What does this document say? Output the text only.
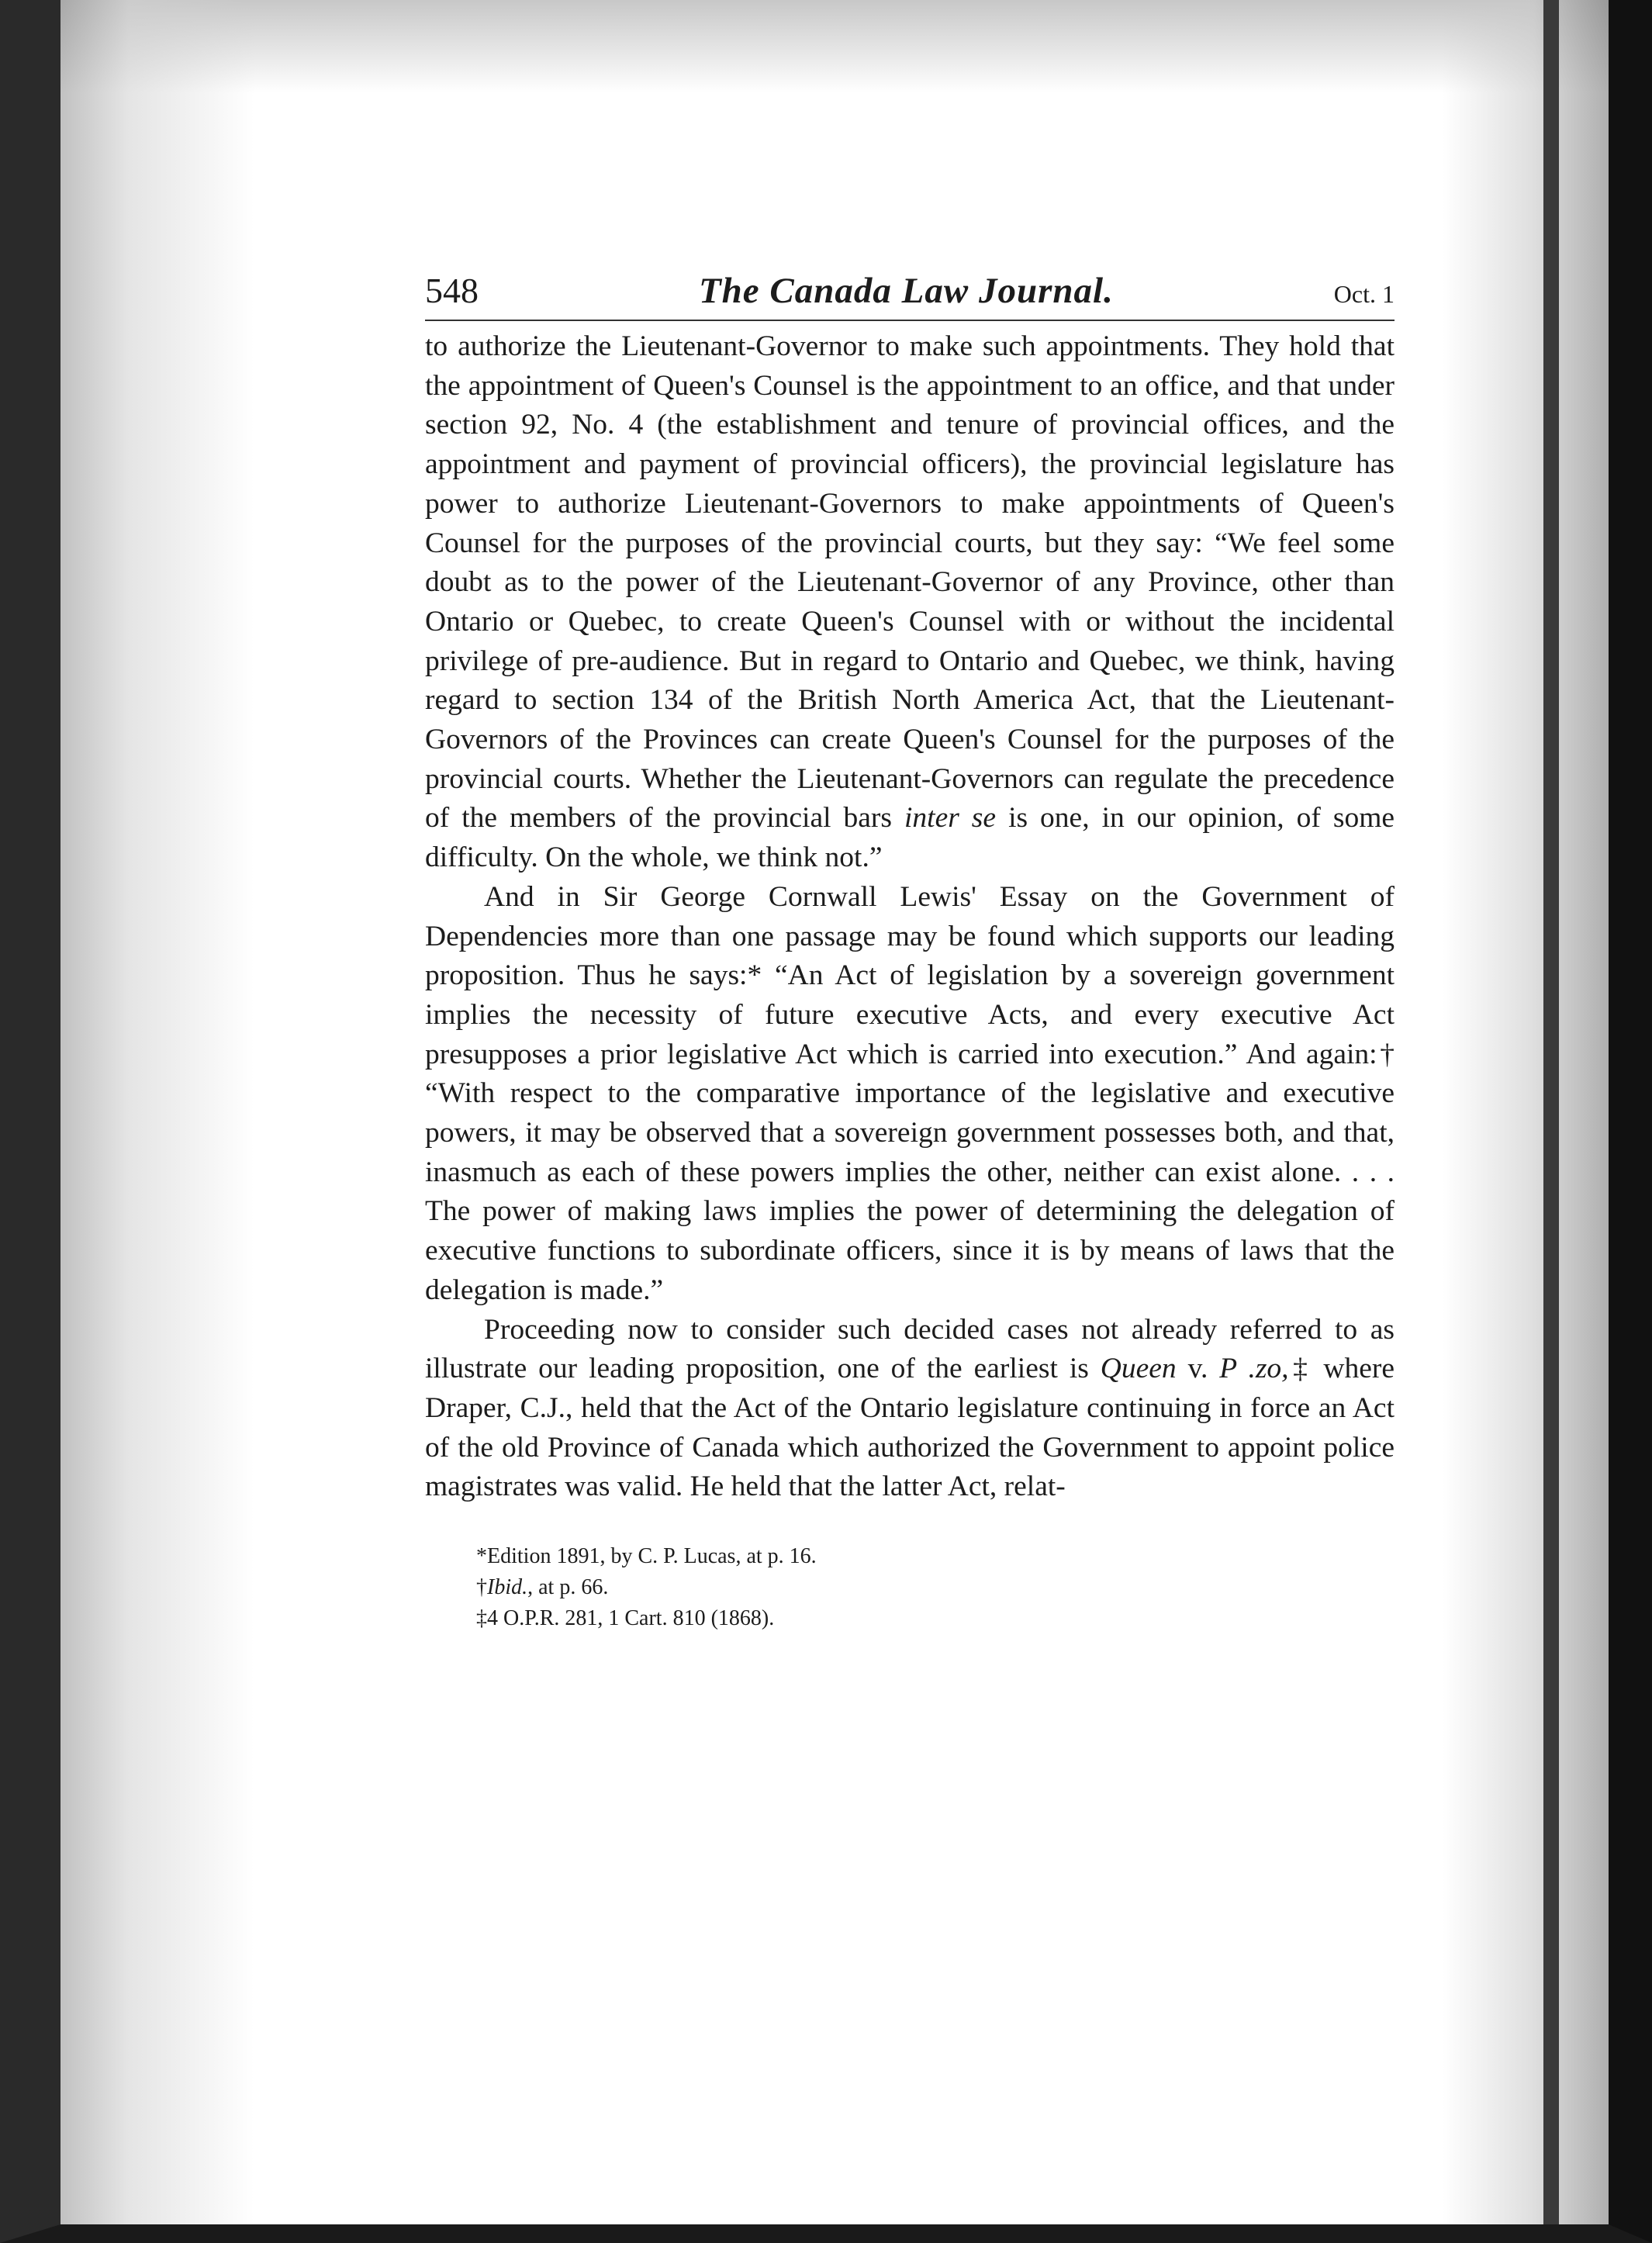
548	The Canada Law Journal.	Oct. 1

to authorize the Lieutenant-Governor to make such appointments. They hold that the appointment of Queen's Counsel is the appointment to an office, and that under section 92, No. 4 (the establishment and tenure of provincial offices, and the appointment and payment of provincial officers), the provincial legislature has power to authorize Lieutenant-Governors to make appointments of Queen's Counsel for the purposes of the provincial courts, but they say: “We feel some doubt as to the power of the Lieutenant-Governor of any Province, other than Ontario or Quebec, to create Queen's Counsel with or without the incidental privilege of pre-audience. But in regard to Ontario and Quebec, we think, having regard to section 134 of the British North America Act, that the Lieutenant-Governors of the Provinces can create Queen's Counsel for the purposes of the provincial courts. Whether the Lieutenant-Governors can regulate the precedence of the members of the provincial bars inter se is one, in our opinion, of some difficulty. On the whole, we think not.”

And in Sir George Cornwall Lewis' Essay on the Government of Dependencies more than one passage may be found which supports our leading proposition. Thus he says:* “An Act of legislation by a sovereign government implies the necessity of future executive Acts, and every executive Act presupposes a prior legislative Act which is carried into execution.” And again:† “With respect to the comparative importance of the legislative and executive powers, it may be observed that a sovereign government possesses both, and that, inasmuch as each of these powers implies the other, neither can exist alone. . . . The power of making laws implies the power of determining the delegation of executive functions to subordinate officers, since it is by means of laws that the delegation is made.”

Proceeding now to consider such decided cases not already referred to as illustrate our leading proposition, one of the earliest is Queen v. P .zo,‡ where Draper, C.J., held that the Act of the Ontario legislature continuing in force an Act of the old Province of Canada which authorized the Government to appoint police magistrates was valid. He held that the latter Act, relat-

*Edition 1891, by C. P. Lucas, at p. 16.

†Ibid., at p. 66.

‡4 O.P.R. 281, 1 Cart. 810 (1868).
